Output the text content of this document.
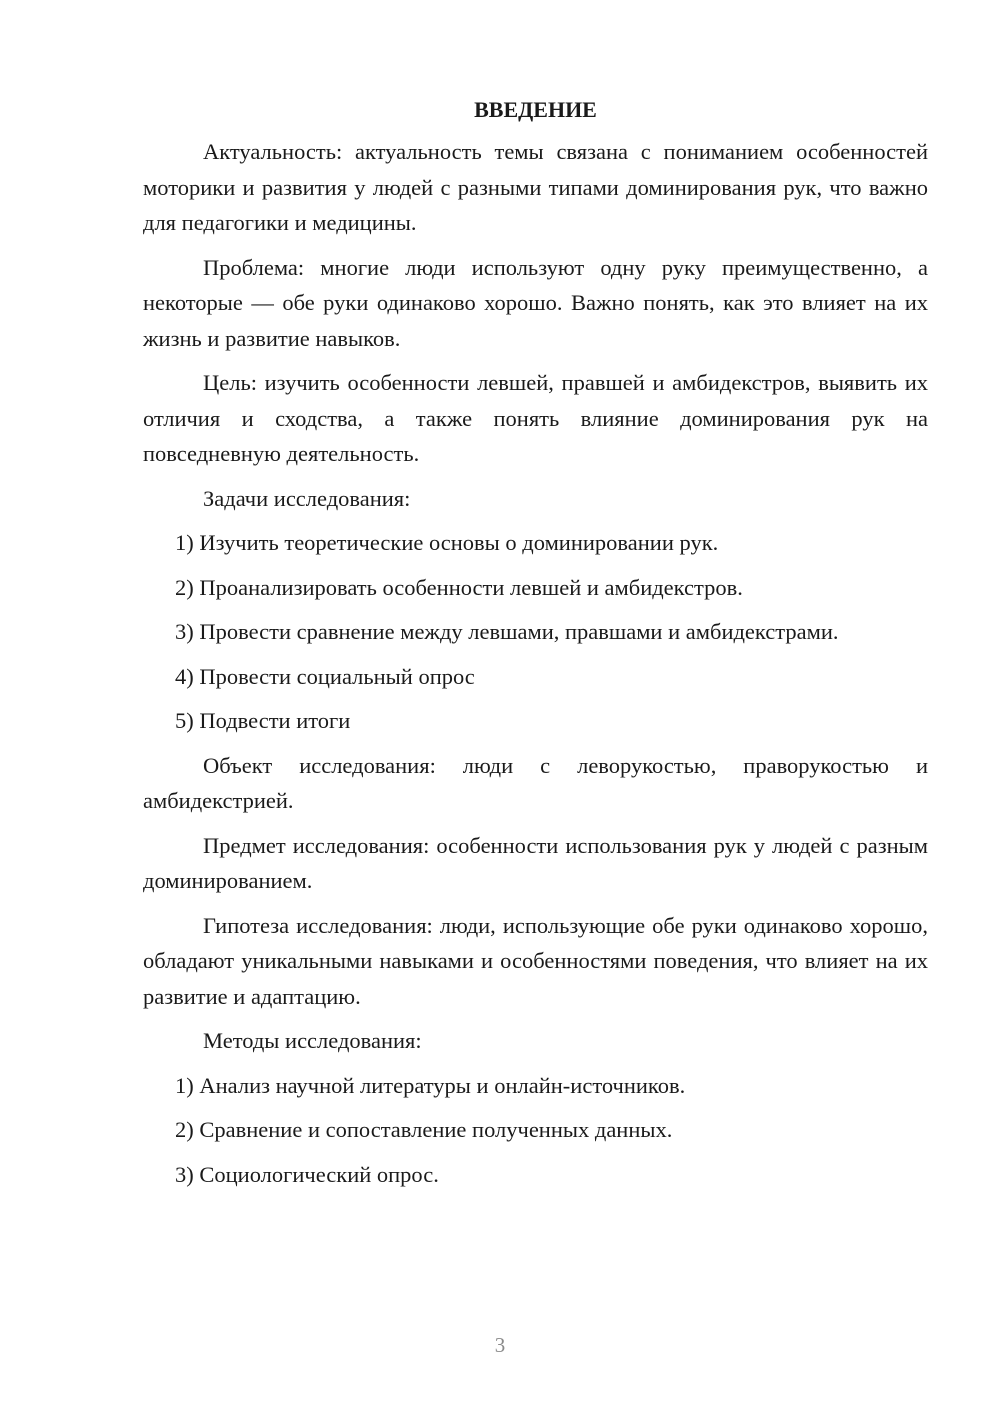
ВВЕДЕНИЕ
Актуальность: актуальность темы связана с пониманием особенностей моторики и развития у людей с разными типами доминирования рук, что важно для педагогики и медицины.
Проблема: многие люди используют одну руку преимущественно, а некоторые — обе руки одинаково хорошо. Важно понять, как это влияет на их жизнь и развитие навыков.
Цель: изучить особенности левшей, правшей и амбидекстров, выявить их отличия и сходства, а также понять влияние доминирования рук на повседневную деятельность.
Задачи исследования:
1) Изучить теоретические основы о доминировании рук.
2) Проанализировать особенности левшей и амбидекстров.
3) Провести сравнение между левшами, правшами и амбидекстрами.
4) Провести социальный опрос
5) Подвести итоги
Объект исследования: люди с леворукостью, праворукостью и амбидекстрией.
Предмет исследования: особенности использования рук у людей с разным доминированием.
Гипотеза исследования: люди, использующие обе руки одинаково хорошо, обладают уникальными навыками и особенностями поведения, что влияет на их развитие и адаптацию.
Методы исследования:
1) Анализ научной литературы и онлайн-источников.
2) Сравнение и сопоставление полученных данных.
3) Социологический опрос.
3
